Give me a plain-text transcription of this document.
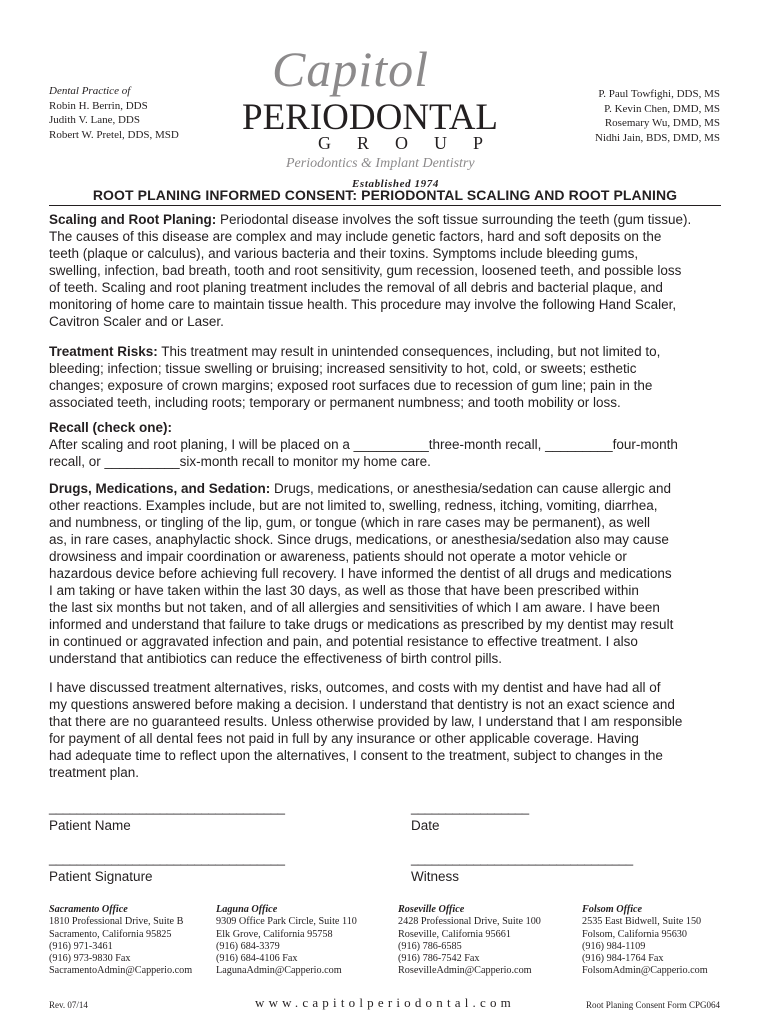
Dental Practice of
Robin H. Berrin, DDS
Judith V. Lane, DDS
Robert W. Pretel, DDS, MSD
Capitol
PERIODONTAL
GROUP
Periodontics & Implant Dentistry
Established 1974
P. Paul Towfighi, DDS, MS
P. Kevin Chen, DMD, MS
Rosemary Wu, DMD, MS
Nidhi Jain, BDS, DMD, MS
ROOT PLANING INFORMED CONSENT: PERIODONTAL SCALING AND ROOT PLANING
Scaling and Root Planing: Periodontal disease involves the soft tissue surrounding the teeth (gum tissue).
The causes of this disease are complex and may include genetic factors, hard and soft deposits on the
teeth (plaque or calculus), and various bacteria and their toxins. Symptoms include bleeding gums,
swelling, infection, bad breath, tooth and root sensitivity, gum recession, loosened teeth, and possible loss
of teeth. Scaling and root planing treatment includes the removal of all debris and bacterial plaque, and
monitoring of home care to maintain tissue health. This procedure may involve the following Hand Scaler,
Cavitron Scaler and or Laser.
Treatment Risks: This treatment may result in unintended consequences, including, but not limited to,
bleeding; infection; tissue swelling or bruising; increased sensitivity to hot, cold, or sweets; esthetic
changes; exposure of crown margins; exposed root surfaces due to recession of gum line; pain in the
associated teeth, including roots; temporary or permanent numbness; and tooth mobility or loss.
Recall (check one):
After scaling and root planing, I will be placed on a __________three-month recall, _________four-month
recall, or __________six-month recall to monitor my home care.
Drugs, Medications, and Sedation: Drugs, medications, or anesthesia/sedation can cause allergic and
other reactions. Examples include, but are not limited to, swelling, redness, itching, vomiting, diarrhea,
and numbness, or tingling of the lip, gum, or tongue (which in rare cases may be permanent), as well
as, in rare cases, anaphylactic shock. Since drugs, medications, or anesthesia/sedation also may cause
drowsiness and impair coordination or awareness, patients should not operate a motor vehicle or
hazardous device before achieving full recovery. I have informed the dentist of all drugs and medications
I am taking or have taken within the last 30 days, as well as those that have been prescribed within
the last six months but not taken, and of all allergies and sensitivities of which I am aware. I have been
informed and understand that failure to take drugs or medications as prescribed by my dentist may result
in continued or aggravated infection and pain, and potential resistance to effective treatment. I also
understand that antibiotics can reduce the effectiveness of birth control pills.
I have discussed treatment alternatives, risks, outcomes, and costs with my dentist and have had all of
my questions answered before making a decision. I understand that dentistry is not an exact science and
that there are no guaranteed results. Unless otherwise provided by law, I understand that I am responsible
for payment of all dental fees not paid in full by any insurance or other applicable coverage. Having
had adequate time to reflect upon the alternatives, I consent to the treatment, subject to changes in the
treatment plan.
__________________________________
Patient Name
_________________
Date
__________________________________
Patient Signature
________________________________
Witness
Sacramento Office
1810 Professional Drive, Suite B
Sacramento, California 95825
(916) 971-3461
(916) 973-9830 Fax
SacramentoAdmin@Capperio.com
Laguna Office
9309 Office Park Circle, Suite 110
Elk Grove, California 95758
(916) 684-3379
(916) 684-4106 Fax
LagunaAdmin@Capperio.com
Roseville Office
2428 Professional Drive, Suite 100
Roseville, California 95661
(916) 786-6585
(916) 786-7542 Fax
RosevilleAdmin@Capperio.com
Folsom Office
2535 East Bidwell, Suite 150
Folsom, California 95630
(916) 984-1109
(916) 984-1764 Fax
FolsomAdmin@Capperio.com
Rev. 07/14	www.capitolperiodontal.com	Root Planing Consent Form CPG064
